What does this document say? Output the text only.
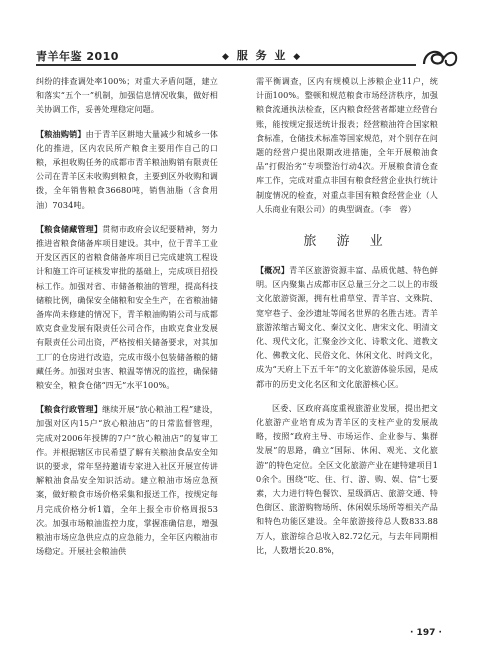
青羊年鉴 2010	◆ 服 务 业 ◆

纠纷的排查调处率100%；对重大矛盾问题，建立和落实“五个一”机制，加强信息情况收集，做好相关协调工作，妥善处理稳定问题。

【粮油购销】由于青羊区耕地大量减少和城乡一体化的推进，区内农民所产粮食主要用作自己的口粮，承担收购任务的成都市青羊粮油购销有限责任公司在青羊区未收购到粮食，主要到区外收购和调拨，全年销售粮食36680吨，销售油脂（含食用油）7034吨。

【粮食储藏管理】贯彻市政府会议纪要精神，努力推进省粮食储备库项目建设。其中，位于青羊工业开发区西区的省粮食储备库项目已完成建筑工程设计和施工许可证核发审批的基础上，完成项目招投标工作。加强对省、市储备粮油的管理，提高科技储粮比例，确保安全储粮和安全生产，在省粮油储备库尚未修建的情况下，青羊粮油购销公司与成都欧克食业发展有限责任公司合作，由欧克食业发展有限责任公司出资，严格按相关储备要求，对其加工厂的仓房进行改造，完成市级小包装储备粮的储藏任务。加强对虫害、粮温等情况的监控，确保储粮安全，粮食仓储“四无”水平100%。

【粮食行政管理】继续开展“放心粮油工程”建设，加强对区内15户“放心粮油店”的日常监督管理，完成对2006年授牌的7户“放心粮油店”的复审工作。并根据辖区市民希望了解有关粮油食品安全知识的要求，常年坚持邀请专家进入社区开展宣传讲解粮油食品安全知识活动。建立粮油市场应急预案，做好粮食市场价格采集和报送工作，按规定每月完成价格分析1篇，全年上报全市价格周报53次。加强市场粮油监控力度，掌握准确信息，增强粮油市场应急供应点的应急能力，全年区内粮油市场稳定。开展社会粮油供

需平衡调查，区内有规模以上涉粮企业11户，统计面100%。整顿和规范粮食市场经济秩序，加强粮食流通执法检查，区内粮食经营者都建立经营台账，能按规定报送统计报表；经营粮油符合国家粮食标准，仓储技术标准等国家规范，对个别存在问题的经营户提出限期改进措施，全年开展粮油食品“打假治劣”专项整治行动4次。开展粮食清仓查库工作，完成对重点非国有粮食经营企业执行统计制度情况的检查，对重点非国有粮食经营企业（人人乐商业有限公司）的典型调查。（李　蓉）

旅 游 业

【概况】青羊区旅游资源丰富、品质优越、特色鲜明。区内聚集占成都市区总量三分之二以上的市级文化旅游资源，拥有杜甫草堂、青羊宫、文殊院、宽窄巷子、金沙遗址等闻名世界的名胜古迹。青羊旅游浓缩古蜀文化、秦汉文化、唐宋文化、明清文化、现代文化，汇聚金沙文化、诗歌文化、道教文化、佛教文化、民俗文化、休闲文化、时尚文化，成为“天府上下五千年”的文化旅游体验乐园，是成都市的历史文化名区和文化旅游核心区。

区委、区政府高度重视旅游业发展，提出把文化旅游产业培育成为青羊区的支柱产业的发展战略，按照“政府主导、市场运作、企业参与、集群发展”的思路，确立“国际、休闲、观光、文化旅游”的特色定位。全区文化旅游产业在建特建项目10余个。围绕“吃、住、行、游、购、娱、信”七要素，大力进行特色餐饮、星级酒店、旅游交通、特色街区、旅游购物场所、休闲娱乐场所等相关产品和特色功能区建设。全年旅游接待总人数833.88万人，旅游综合总收入82.72亿元，与去年同期相比，人数增长20.8%，

· 197 ·
